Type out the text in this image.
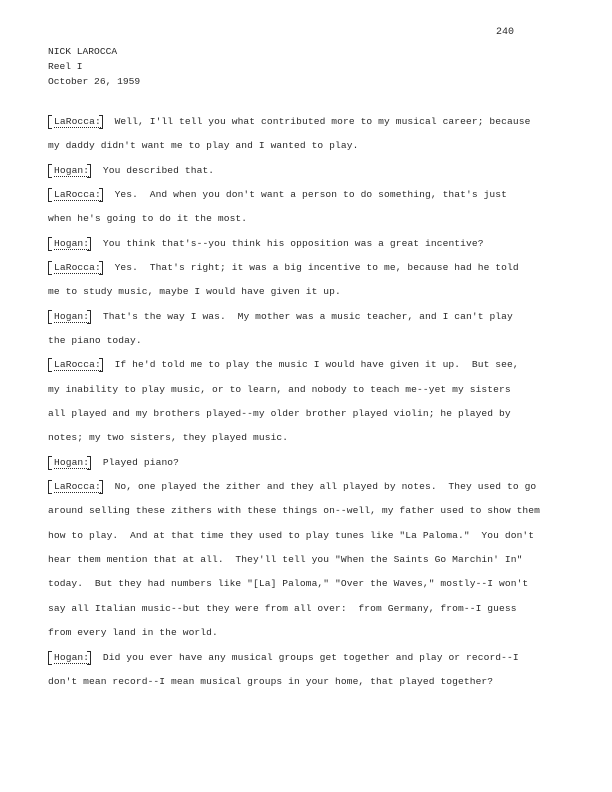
240
NICK LAROCCA
Reel I
October 26, 1959
LaRocca:  Well, I'll tell you what contributed more to my musical career; because
my daddy didn't want me to play and I wanted to play.
Hogan:  You described that.
LaRocca:  Yes.  And when you don't want a person to do something, that's just
when he's going to do it the most.
Hogan:  You think that's--you think his opposition was a great incentive?
LaRocca:  Yes.  That's right; it was a big incentive to me, because had he told
me to study music, maybe I would have given it up.
Hogan:  That's the way I was.  My mother was a music teacher, and I can't play
the piano today.
LaRocca:  If he'd told me to play the music I would have given it up.  But see,
my inability to play music, or to learn, and nobody to teach me--yet my sisters
all played and my brothers played--my older brother played violin; he played by
notes; my two sisters, they played music.
Hogan:  Played piano?
LaRocca:  No, one played the zither and they all played by notes.  They used to go
around selling these zithers with these things on--well, my father used to show them
how to play.  And at that time they used to play tunes like "La Paloma."  You don't
hear them mention that at all.  They'll tell you "When the Saints Go Marchin' In"
today.  But they had numbers like "[La] Paloma," "Over the Waves," mostly--I won't
say all Italian music--but they were from all over:  from Germany, from--I guess
from every land in the world.
Hogan:  Did you ever have any musical groups get together and play or record--I
don't mean record--I mean musical groups in your home, that played together?
